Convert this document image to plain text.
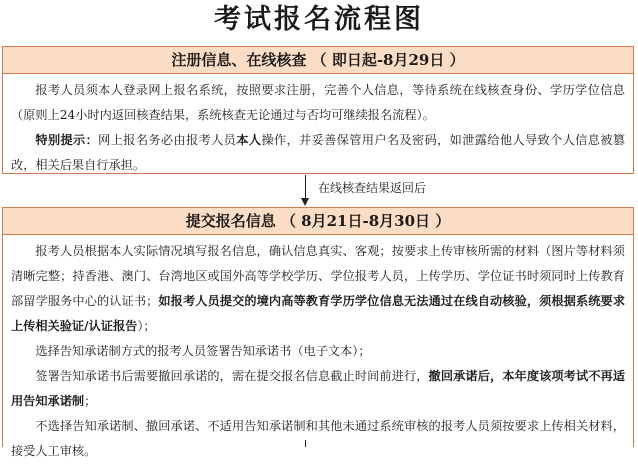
考试报名流程图
注册信息、在线核查 （ 即日起-8月29日 ）

报考人员须本人登录网上报名系统，按照要求注册，完善个人信息，等待系统在线核查身份、学历学位信息（原则上24小时内返回核查结果，系统核查无论通过与否均可继续报名流程）。

特别提示：网上报名务必由报考人员本人操作，并妥善保管用户名及密码，如泄露给他人导致个人信息被篡改，相关后果自行承担。

在线核查结果返回后
提交报名信息 （ 8月21日-8月30日 ）

报考人员根据本人实际情况填写报名信息，确认信息真实、客观；按要求上传审核所需的材料（图片等材料须清晰完整；持香港、澳门、台湾地区或国外高等学校学历、学位报考人员，上传学历、学位证书时须同时上传教育部留学服务中心的认证书；如报考人员提交的境内高等教育学历学位信息无法通过在线自动核验，须根据系统要求上传相关验证/认证报告）；

选择告知承诺制方式的报考人员签署告知承诺书（电子文本）；

签署告知承诺书后需要撤回承诺的，需在提交报名信息截止时间前进行，撤回承诺后，本年度该项考试不再适用告知承诺制；

不选择告知承诺制、撤回承诺、不适用告知承诺制和其他未通过系统审核的报考人员须按要求上传相关材料，接受人工审核。
